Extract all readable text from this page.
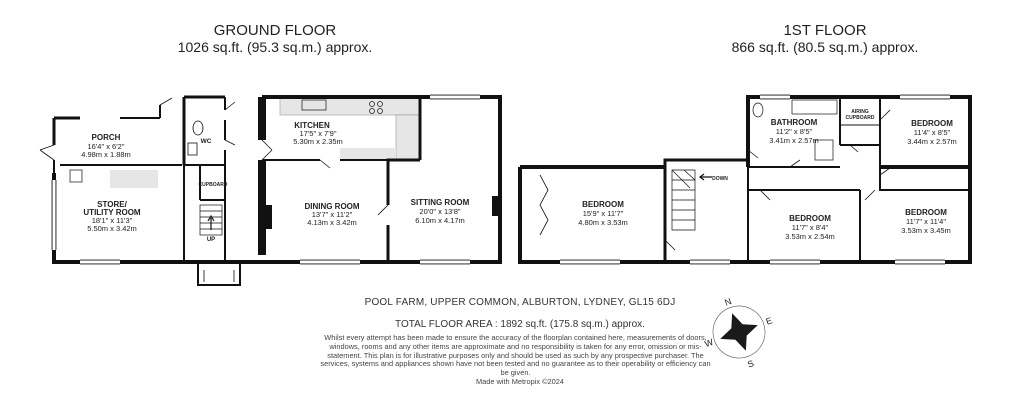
GROUND FLOOR
1026 sq.ft. (95.3 sq.m.) approx.
1ST FLOOR
866 sq.ft. (80.5 sq.m.) approx.
PORCH
16'4" x 6'2"
4.98m x 1.88m
WC
CUPBOARD
STORE/
UTILITY ROOM
18'1" x 11'3"
5.50m x 3.42m
KITCHEN
17'5" x 7'9"
5.30m x 2.35m
DINING ROOM
13'7" x 11'2"
4.13m x 3.42m
SITTING ROOM
20'0" x 13'8"
6.10m x 4.17m
UP
BATHROOM
11'2" x 8'5"
3.41m x 2.57m
AIRING
CUPBOARD
BEDROOM
11'4" x 8'5"
3.44m x 2.57m
BEDROOM
15'9" x 11'7"
4.80m x 3.53m	BEDROOM
11'7" x 8'4"
3.53m x 2.54m
BEDROOM
11'7" x 11'4"
3.53m x 3.45m
DOWN
N
E
S
W
POOL FARM, UPPER COMMON, ALBURTON, LYDNEY, GL15 6DJ
TOTAL FLOOR AREA : 1892 sq.ft. (175.8 sq.m.) approx.
Whilst every attempt has been made to ensure the accuracy of the floorplan contained here, measurements of doors, windows, rooms and any other items are approximate and no responsibility is taken for any error, omission or mis-statement. This plan is for illustrative purposes only and should be used as such by any prospective purchaser. The services, systems and appliances shown have not been tested and no guarantee as to their operability or efficiency can be given.
Made with Metropix ©2024
